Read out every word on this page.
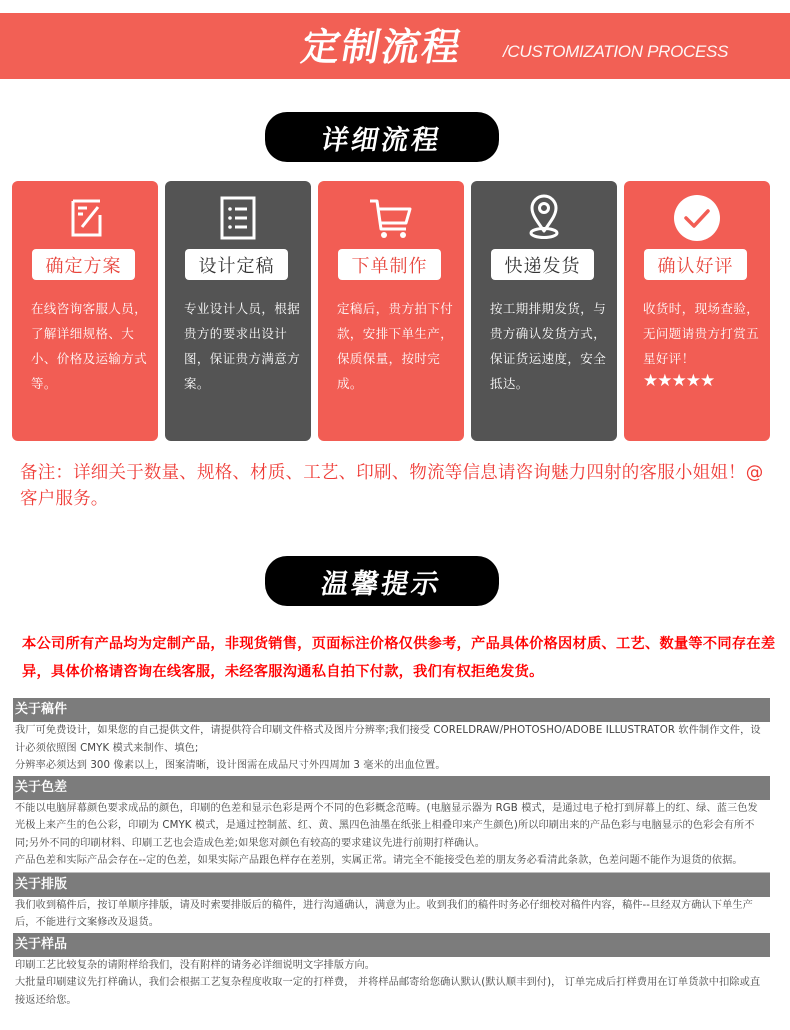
定制流程 /CUSTOMIZATION PROCESS
详细流程
确定方案
在线咨询客服人员，了解详细规格、大小、价格及运输方式等。
设计定稿
专业设计人员，根据贵方的要求出设计图，保证贵方满意方案。
下单制作
定稿后，贵方拍下付款，安排下单生产，保质保量，按时完成。
快递发货
按工期排期发货，与贵方确认发货方式，保证货运速度，安全抵达。
确认好评
收货时，现场查验，无问题请贵方打赏五星好评！
★★★★★
备注：详细关于数量、规格、材质、工艺、印刷、物流等信息请咨询魅力四射的客服小姐姐！@客户服务。
温馨提示
本公司所有产品均为定制产品，非现货销售，页面标注价格仅供参考，产品具体价格因材质、工艺、数量等不同存在差异，具体价格请咨询在线客服，未经客服沟通私自拍下付款，我们有权拒绝发货。
关于稿件

我厂可免费设计，如果您的自己提供文件，请提供符合印刷文件格式及图片分辨率;我们接受 CORELDRAW/PHOTOSHO/ADOBE ILLUSTRATOR 软件制作文件，设计必须依照图 CMYK 模式来制作、填色;

分辨率必须达到 300 像素以上，图案清晰，设计图需在成品尺寸外四周加 3 毫米的出血位置。

关于色差

不能以电脑屏幕颜色要求成品的颜色，印刷的色差和显示色彩是两个不同的色彩概念范畴。(电脑显示器为 RGB 模式，是通过电子枪打到屏幕上的红、绿、蓝三色发光极上来产生的色公彩，印刷为 CMYK 模式，是通过控制蓝、红、黄、黑四色油墨在纸张上相叠印来产生颜色)所以印刷出来的产品色彩与电脑显示的色彩会有所不同;另外不同的印刷材料、印刷工艺也会造成色差;如果您对颜色有较高的要求建议先进行前期打样确认。

产品色差和实际产品会存在--定的色差，如果实际产品跟色样存在差别，实属正常。请完全不能接受色差的朋友务必看清此条款，色差问题不能作为退货的依据。

关于排版

我们收到稿件后，按订单顺序排版，请及时索要排版后的稿件，进行沟通确认，满意为止。收到我们的稿件时务必仔细校对稿件内容，稿件--旦经双方确认下单生产后，不能进行文案修改及退货。

关于样品

印刷工艺比较复杂的请附样给我们，没有附样的请务必详细说明文字排版方向。

大批量印刷建议先打样确认，我们会根据工艺复杂程度收取一定的打样费， 并将样品邮寄给您确认默认(默认顺丰到付)， 订单完成后打样费用在订单货款中扣除或直接返还给您。
